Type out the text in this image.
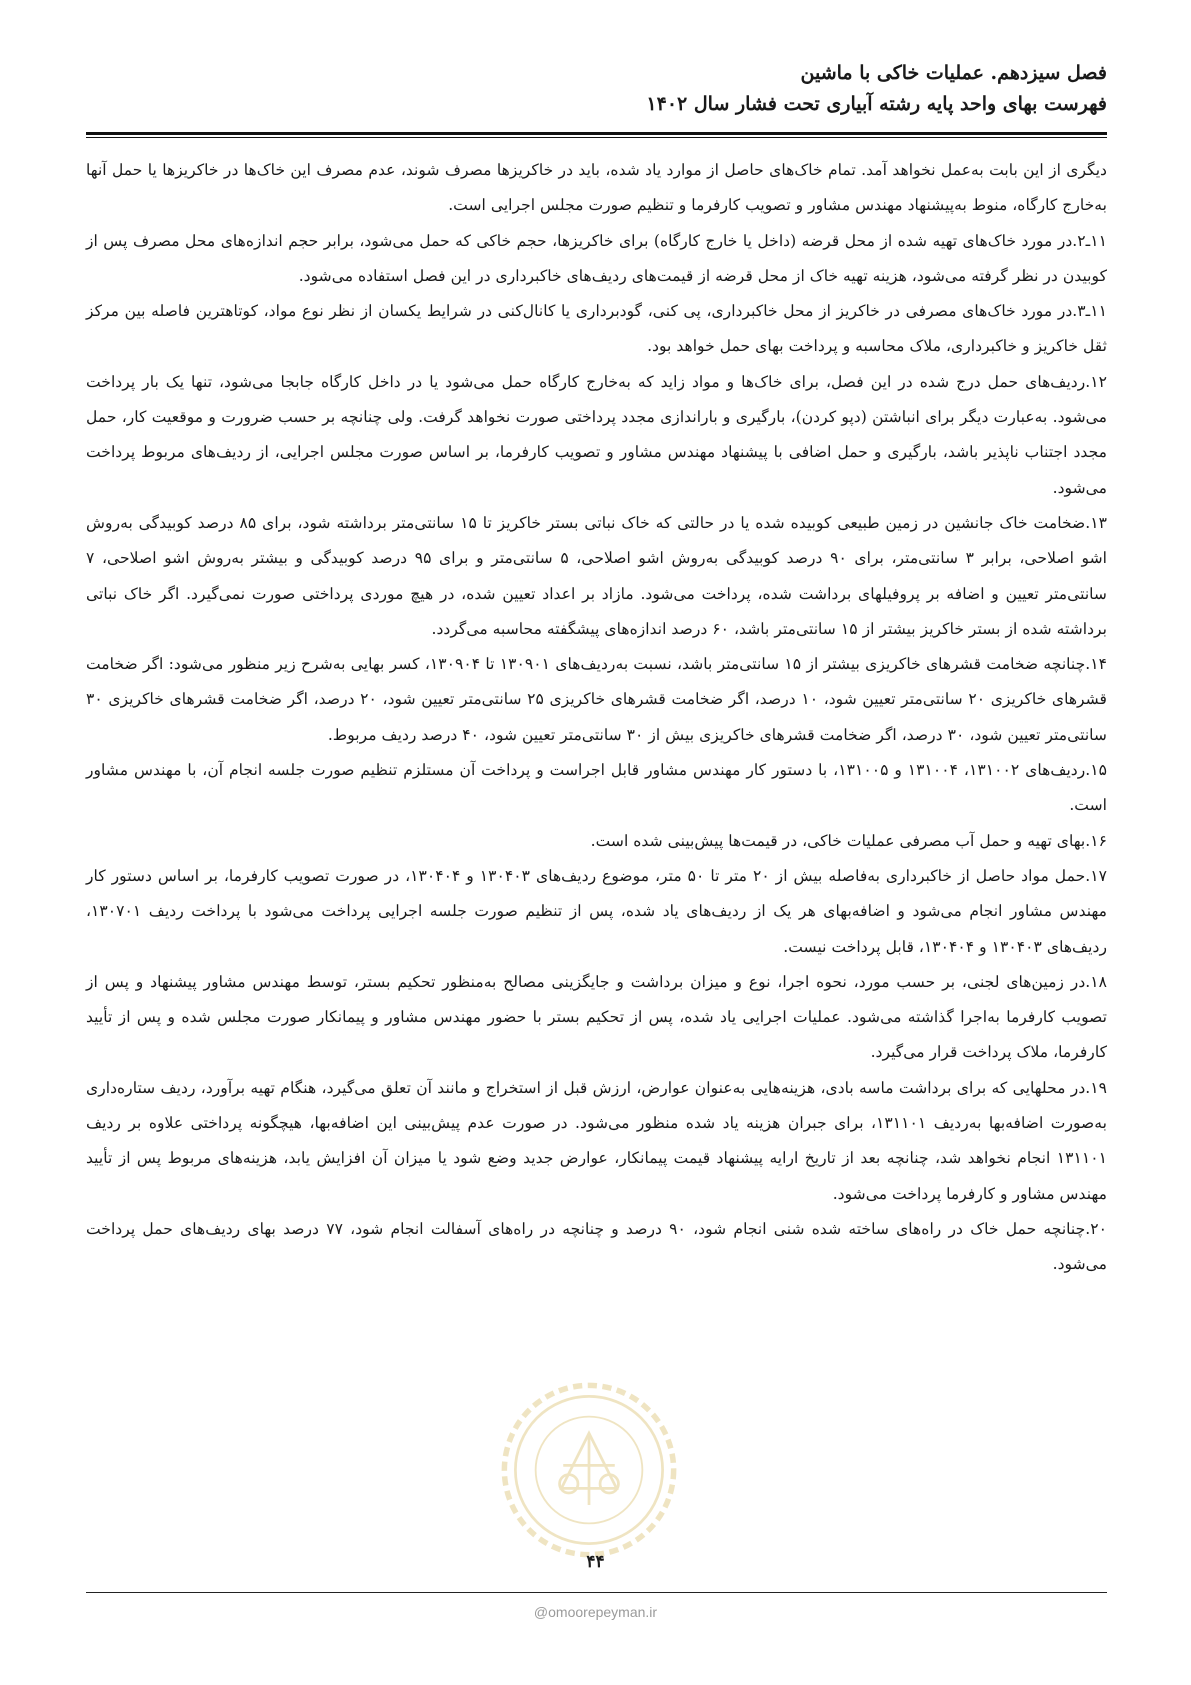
فصل سیزدهم. عملیات خاکی با ماشین
فهرست بهای واحد پایه رشته آبیاری تحت فشار سال ۱۴۰۲

دیگری از این بابت به‌عمل نخواهد آمد. تمام خاک‌های حاصل از موارد یاد شده، باید در خاکریزها مصرف شوند، عدم مصرف این خاک‌ها در خاکریزها یا حمل آنها به‌خارج کارگاه، منوط به‌پیشنهاد مهندس مشاور و تصویب کارفرما و تنظیم صورت مجلس اجرایی است.

۱۱ـ۲.در مورد خاک‌های تهیه شده از محل قرضه (داخل یا خارج کارگاه) برای خاکریزها، حجم خاکی که حمل می‌شود، برابر حجم اندازه‌های محل مصرف پس از کوبیدن در نظر گرفته می‌شود، هزینه تهیه خاک از محل قرضه از قیمت‌های ردیف‌های خاکبرداری در این فصل استفاده می‌شود.

۱۱ـ۳.در مورد خاک‌های مصرفی در خاکریز از محل خاکبرداری، پی کنی، گودبرداری یا کانال‌کنی در شرایط یکسان از نظر نوع مواد، کوتاهترین فاصله بین مرکز ثقل خاکریز و خاکبرداری، ملاک محاسبه و پرداخت بهای حمل خواهد بود.

۱۲.ردیف‌های حمل درج شده در این فصل، برای خاک‌ها و مواد زاید که به‌خارج کارگاه حمل می‌شود یا در داخل کارگاه جابجا می‌شود، تنها یک بار پرداخت می‌شود. به‌عبارت دیگر برای انباشتن (دپو کردن)، بارگیری و باراندازی مجدد پرداختی صورت نخواهد گرفت. ولی چنانچه بر حسب ضرورت و موقعیت کار، حمل مجدد اجتناب ناپذیر باشد، بارگیری و حمل اضافی با پیشنهاد مهندس مشاور و تصویب کارفرما، بر اساس صورت مجلس اجرایی، از ردیف‌های مربوط پرداخت می‌شود.

۱۳.ضخامت خاک جانشین در زمین طبیعی کوبیده شده یا در حالتی که خاک نباتی بستر خاکریز تا ۱۵ سانتی‌متر برداشته شود، برای ۸۵ درصد کوبیدگی به‌روش اشو اصلاحی، برابر ۳ سانتی‌متر، برای ۹۰ درصد کوبیدگی به‌روش اشو اصلاحی، ۵ سانتی‌متر و برای ۹۵ درصد کوبیدگی و بیشتر به‌روش اشو اصلاحی، ۷ سانتی‌متر تعیین و اضافه بر پروفیلهای برداشت شده، پرداخت می‌شود. مازاد بر اعداد تعیین شده، در هیچ موردی پرداختی صورت نمی‌گیرد. اگر خاک نباتی برداشته شده از بستر خاکریز بیشتر از ۱۵ سانتی‌متر باشد، ۶۰ درصد اندازه‌های پیشگفته محاسبه می‌گردد.

۱۴.چنانچه ضخامت قشرهای خاکریزی بیشتر از ۱۵ سانتی‌متر باشد، نسبت به‌ردیف‌های ۱۳۰۹۰۱ تا ۱۳۰۹۰۴، کسر بهایی به‌شرح زیر منظور می‌شود: اگر ضخامت قشرهای خاکریزی ۲۰ سانتی‌متر تعیین شود، ۱۰ درصد، اگر ضخامت قشرهای خاکریزی ۲۵ سانتی‌متر تعیین شود، ۲۰ درصد، اگر ضخامت قشرهای خاکریزی ۳۰ سانتی‌متر تعیین شود، ۳۰ درصد، اگر ضخامت قشرهای خاکریزی بیش از ۳۰ سانتی‌متر تعیین شود، ۴۰ درصد ردیف مربوط.

۱۵.ردیف‌های ۱۳۱۰۰۲، ۱۳۱۰۰۴ و ۱۳۱۰۰۵، با دستور کار مهندس مشاور قابل اجراست و پرداخت آن مستلزم تنظیم صورت جلسه انجام آن، با مهندس مشاور است.

۱۶.بهای تهیه و حمل آب مصرفی عملیات خاکی، در قیمت‌ها پیش‌بینی شده است.

۱۷.حمل مواد حاصل از خاکبرداری به‌فاصله بیش از ۲۰ متر تا ۵۰ متر، موضوع ردیف‌های ۱۳۰۴۰۳ و ۱۳۰۴۰۴، در صورت تصویب کارفرما، بر اساس دستور کار مهندس مشاور انجام می‌شود و اضافه‌بهای هر یک از ردیف‌های یاد شده، پس از تنظیم صورت جلسه اجرایی پرداخت می‌شود با پرداخت ردیف ۱۳۰۷۰۱، ردیف‌های ۱۳۰۴۰۳ و ۱۳۰۴۰۴، قابل پرداخت نیست.

۱۸.در زمین‌های لجنی، بر حسب مورد، نحوه اجرا، نوع و میزان برداشت و جایگزینی مصالح به‌منظور تحکیم بستر، توسط مهندس مشاور پیشنهاد و پس از تصویب کارفرما به‌اجرا گذاشته می‌شود. عملیات اجرایی یاد شده، پس از تحکیم بستر با حضور مهندس مشاور و پیمانکار صورت مجلس شده و پس از تأیید کارفرما، ملاک پرداخت قرار می‌گیرد.

۱۹.در محلهایی که برای برداشت ماسه بادی، هزینه‌هایی به‌عنوان عوارض، ارزش قبل از استخراج و مانند آن تعلق می‌گیرد، هنگام تهیه برآورد، ردیف ستاره‌داری به‌صورت اضافه‌بها به‌ردیف ۱۳۱۱۰۱، برای جبران هزینه یاد شده منظور می‌شود. در صورت عدم پیش‌بینی این اضافه‌بها، هیچگونه پرداختی علاوه بر ردیف ۱۳۱۱۰۱ انجام نخواهد شد، چنانچه بعد از تاریخ ارایه پیشنهاد قیمت پیمانکار، عوارض جدید وضع شود یا میزان آن افزایش یابد، هزینه‌های مربوط پس از تأیید مهندس مشاور و کارفرما پرداخت می‌شود.

۲۰.چنانچه حمل خاک در راه‌های ساخته شده شنی انجام شود، ۹۰ درصد و چنانچه در راه‌های آسفالت انجام شود، ۷۷ درصد بهای ردیف‌های حمل پرداخت می‌شود.

۴۴
@omoorepeyman.ir
